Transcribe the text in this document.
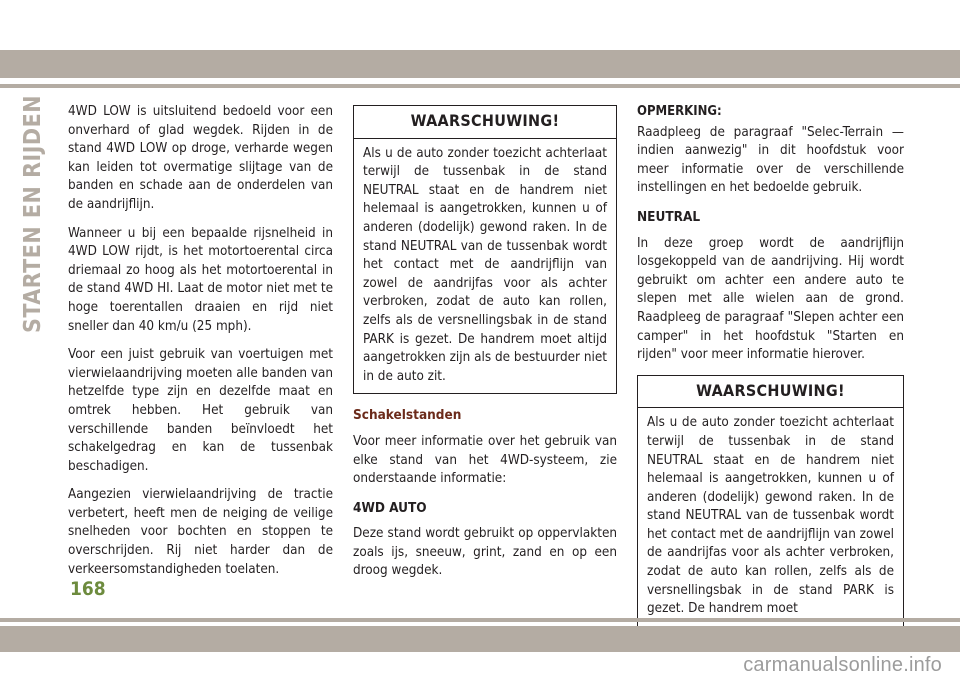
STARTEN EN RIJDEN 4WD LOW is uitsluitend bedoeld voor een onverhard of glad wegdek. Rijden in de stand 4WD LOW op droge, verharde wegen kan leiden tot overmatige slijtage van de banden en schade aan de onderdelen van de aandrijflijn.

Wanneer u bij een bepaalde rijsnelheid in 4WD LOW rijdt, is het motortoerental circa driemaal zo hoog als het motortoerental in de stand 4WD HI. Laat de motor niet met te hoge toerentallen draaien en rijd niet sneller dan 40 km/u (25 mph).

Voor een juist gebruik van voertuigen met vierwielaandrijving moeten alle banden van hetzelfde type zijn en dezelfde maat en omtrek hebben. Het gebruik van verschillende banden beïnvloedt het schakelgedrag en kan de tussenbak beschadigen.

Aangezien vierwielaandrijving de tractie verbetert, heeft men de neiging de veilige snelheden voor bochten en stoppen te overschrijden. Rij niet harder dan de verkeersomstandigheden toelaten.

WAARSCHUWING!
Als u de auto zonder toezicht achterlaat terwijl de tussenbak in de stand NEUTRAL staat en de handrem niet helemaal is aangetrokken, kunnen u of anderen (dodelijk) gewond raken. In de stand NEUTRAL van de tussenbak wordt het contact met de aandrijflijn van zowel de aandrijfas voor als achter verbroken, zodat de auto kan rollen, zelfs als de versnellingsbak in de stand PARK is gezet. De handrem moet altijd aangetrokken zijn als de bestuurder niet in de auto zit.
Schakelstanden

Voor meer informatie over het gebruik van elke stand van het 4WD-systeem, zie onderstaande informatie:

4WD AUTO

Deze stand wordt gebruikt op oppervlakten zoals ijs, sneeuw, grint, zand en op een droog wegdek.

OPMERKING:

Raadpleeg de paragraaf "Selec-Terrain — indien aanwezig" in dit hoofdstuk voor meer informatie over de verschillende instellingen en het bedoelde gebruik.

NEUTRAL

In deze groep wordt de aandrijflijn losgekoppeld van de aandrijving. Hij wordt gebruikt om achter een andere auto te slepen met alle wielen aan de grond. Raadpleeg de paragraaf "Slepen achter een camper" in het hoofdstuk "Starten en rijden" voor meer informatie hierover.

WAARSCHUWING!
Als u de auto zonder toezicht achterlaat terwijl de tussenbak in de stand NEUTRAL staat en de handrem niet helemaal is aangetrokken, kunnen u of anderen (dodelijk) gewond raken. In de stand NEUTRAL van de tussenbak wordt het contact met de aandrijflijn van zowel de aandrijfas voor als achter verbroken, zodat de auto kan rollen, zelfs als de versnellingsbak in de stand PARK is gezet. De handrem moet
168
carmanualsonline.info
